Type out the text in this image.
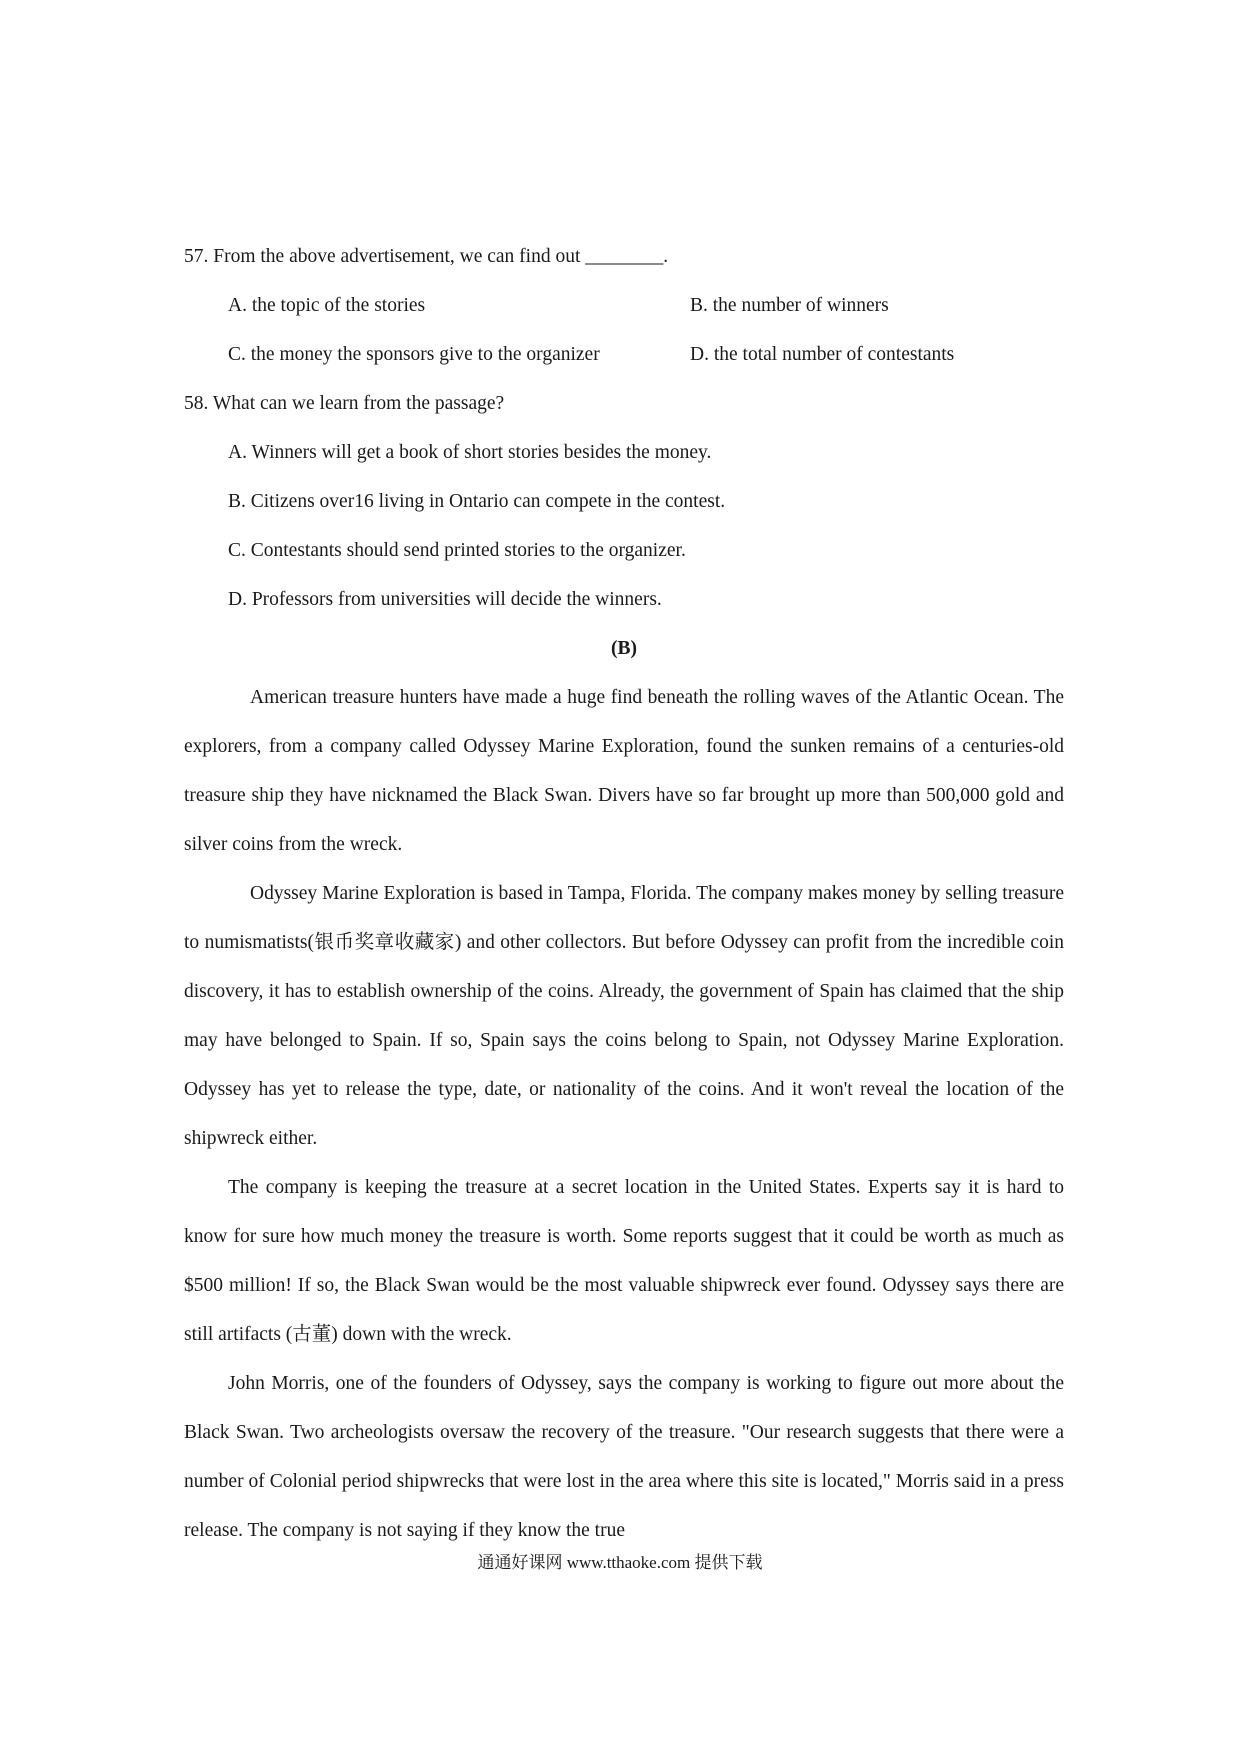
57. From the above advertisement, we can find out ________.

A. the topic of the stories	B. the number of winners

C. the money the sponsors give to the organizer	D. the total number of contestants

58. What can we learn from the passage?

A. Winners will get a book of short stories besides the money.

B. Citizens over16 living in Ontario can compete in the contest.

C. Contestants should send printed stories to the organizer.

D. Professors from universities will decide the winners.

(B)

American treasure hunters have made a huge find beneath the rolling waves of the Atlantic Ocean. The explorers, from a company called Odyssey Marine Exploration, found the sunken remains of a centuries-old treasure ship they have nicknamed the Black Swan. Divers have so far brought up more than 500,000 gold and silver coins from the wreck.

Odyssey Marine Exploration is based in Tampa, Florida. The company makes money by selling treasure to numismatists(银币奖章收藏家) and other collectors. But before Odyssey can profit from the incredible coin discovery, it has to establish ownership of the coins. Already, the government of Spain has claimed that the ship may have belonged to Spain. If so, Spain says the coins belong to Spain, not Odyssey Marine Exploration. Odyssey has yet to release the type, date, or nationality of the coins. And it won't reveal the location of the shipwreck either.

The company is keeping the treasure at a secret location in the United States. Experts say it is hard to know for sure how much money the treasure is worth. Some reports suggest that it could be worth as much as $500 million! If so, the Black Swan would be the most valuable shipwreck ever found. Odyssey says there are still artifacts (古董) down with the wreck.

John Morris, one of the founders of Odyssey, says the company is working to figure out more about the Black Swan. Two archeologists oversaw the recovery of the treasure. "Our research suggests that there were a number of Colonial period shipwrecks that were lost in the area where this site is located," Morris said in a press release. The company is not saying if they know the true

通通好课网 www.tthaoke.com 提供下载
